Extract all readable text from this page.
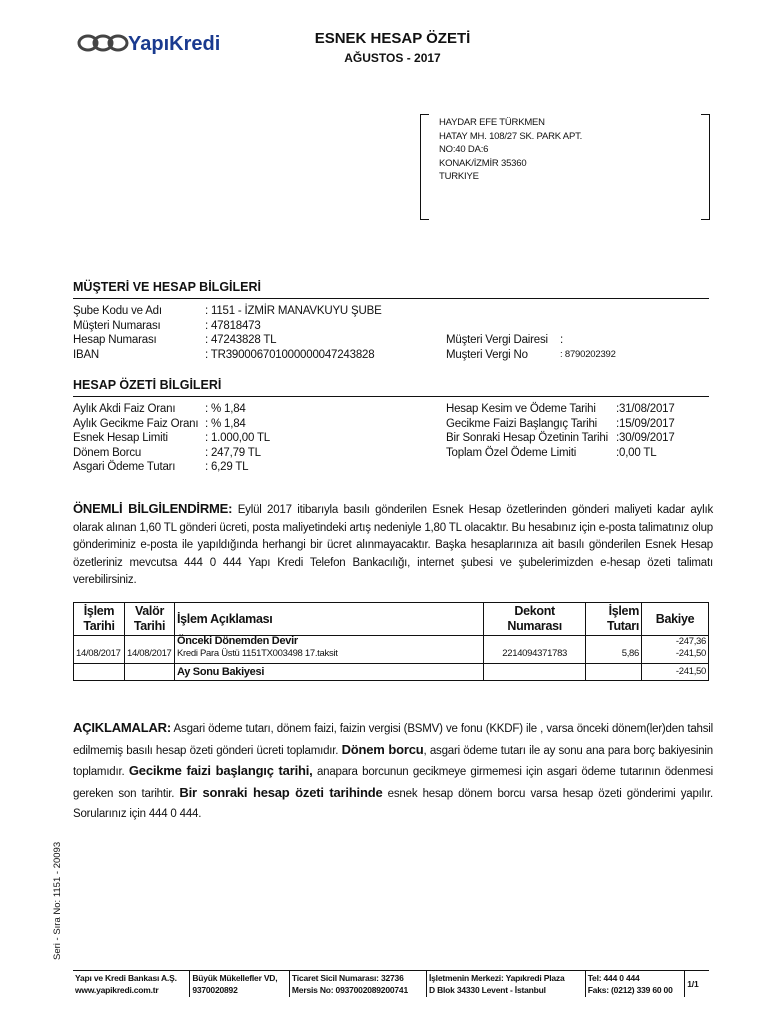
YapıKredi	ESNEK HESAP ÖZETİ
AĞUSTOS - 2017
HAYDAR EFE TÜRKMEN
HATAY MH. 108/27 SK. PARK APT.
NO:40 DA:6
KONAK/İZMİR 35360
TURKIYE
MÜŞTERİ VE HESAP BİLGİLERİ
Şube Kodu ve Adı	: 1151 - İZMİR MANAVKUYU ŞUBE
Müşteri Numarası	: 47818473
Hesap Numarası	: 47243828 TL
IBAN	: TR390006701000000047243828
Müşteri Vergi Dairesi	:
Muşteri Vergi No	: 8790202392
HESAP ÖZETİ BİLGİLERİ
Aylık Akdi Faiz Oranı	: % 1,84
Aylık Gecikme Faiz Oranı : % 1,84
Esnek Hesap Limiti	: 1.000,00 TL
Dönem Borcu	: 247,79 TL
Asgari Ödeme Tutarı	: 6,29 TL
Hesap Kesim ve Ödeme Tarihi	:31/08/2017
Gecikme Faizi Başlangıç Tarihi	:15/09/2017
Bir Sonraki Hesap Özetinin Tarihi :30/09/2017
Toplam Özel Ödeme Limiti	:0,00 TL
ÖNEMLİ BİLGİLENDİRME: Eylül 2017 itibarıyla basılı gönderilen Esnek Hesap özetlerinden gönderi maliyeti kadar aylık olarak alınan 1,60 TL gönderi ücreti, posta maliyetindeki artış nedeniyle 1,80 TL olacaktır. Bu hesabınız için e-posta talimatınız olup gönderiminiz e-posta ile yapıldığında herhangi bir ücret alınmayacaktır. Başka hesaplarınıza ait basılı gönderilen Esnek Hesap özetleriniz mevcutsa 444 0 444 Yapı Kredi Telefon Bankacılığı, internet şubesi ve şubelerimizden e-hesap özeti talimatı verebilirsiniz.
İşlem Tarihi	Valör Tarihi	İşlem Açıklaması	Dekont Numarası	İşlem Tutarı	Bakiye
		Önceki Dönemden Devir			-247,36
14/08/2017	14/08/2017	Kredi Para Üstü 1151TX003498 17.taksit	2214094371783	5,86	-241,50
		Ay Sonu Bakiyesi			-241,50
AÇIKLAMALAR: Asgari ödeme tutarı, dönem faizi, faizin vergisi (BSMV) ve fonu (KKDF) ile , varsa önceki dönem(ler)den tahsil edilmemiş basılı hesap özeti gönderi ücreti toplamıdır. Dönem borcu, asgari ödeme tutarı ile ay sonu ana para borç bakiyesinin toplamıdır. Gecikme faizi başlangıç tarihi, anapara borcunun gecikmeye girmemesi için asgari ödeme tutarının ödenmesi gereken son tarihtir. Bir sonraki hesap özeti tarihinde esnek hesap dönem borcu varsa hesap özeti gönderimi yapılır. Sorularınız için 444 0 444.
Seri - Sıra No: 1151 - 20093
Yapı ve Kredi Bankası A.Ş.
www.yapikredi.com.tr
Büyük Mükellefler VD,
9370020892
Ticaret Sicil Numarası: 32736
Mersis No: 0937002089200741
İşletmenin Merkezi: Yapıkredi Plaza
D Blok 34330 Levent - İstanbul
Tel: 444 0 444
Faks: (0212) 339 60 00
1/1
